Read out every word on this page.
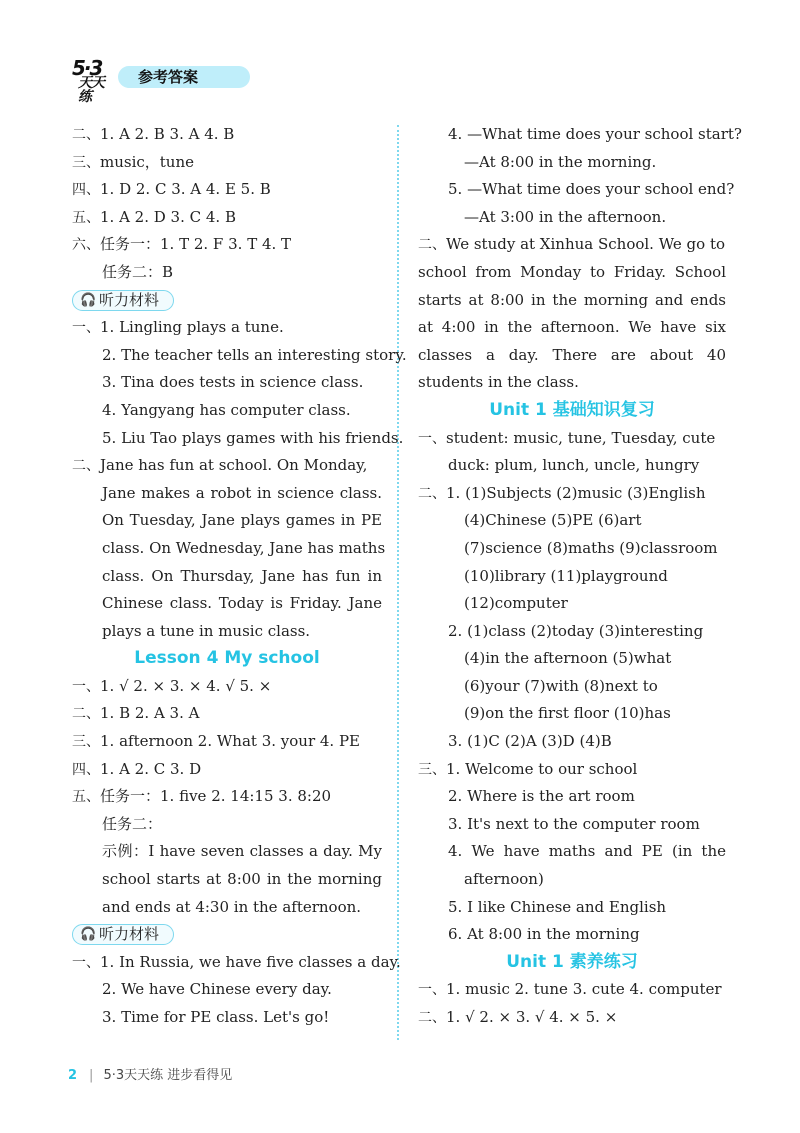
5·3
天天练
参考答案
二、1. A 2. B 3. A 4. B
三、music，tune
四、1. D 2. C 3. A 4. E 5. B
五、1. A 2. D 3. C 4. B
六、任务一：1. T 2. F 3. T 4. T
任务二：B
🎧 听力材料
一、1. Lingling plays a tune.
2. The teacher tells an interesting story.
3. Tina does tests in science class.
4. Yangyang has computer class.
5. Liu Tao plays games with his friends.
二、Jane has fun at school. On Monday,
Jane makes a robot in science class.
On Tuesday, Jane plays games in PE
class. On Wednesday, Jane has maths
class. On Thursday, Jane has fun in
Chinese class. Today is Friday. Jane
plays a tune in music class.
Lesson 4 My school
一、1. √ 2. × 3. × 4. √ 5. ×
二、1. B 2. A 3. A
三、1. afternoon 2. What 3. your 4. PE
四、1. A 2. C 3. D
五、任务一：1. five 2. 14:15 3. 8:20
任务二：
示例：I have seven classes a day. My
school starts at 8:00 in the morning
and ends at 4:30 in the afternoon.
🎧 听力材料
一、1. In Russia, we have five classes a day.
2. We have Chinese every day.
3. Time for PE class. Let's go!
4. —What time does your school start?
—At 8:00 in the morning.
5. —What time does your school end?
—At 3:00 in the afternoon.
二、We study at Xinhua School. We go to
school from Monday to Friday. School
starts at 8:00 in the morning and ends
at 4:00 in the afternoon. We have six
classes a day. There are about 40
students in the class.
Unit 1 基础知识复习
一、student: music, tune, Tuesday, cute
duck: plum, lunch, uncle, hungry
二、1. (1)Subjects (2)music (3)English
(4)Chinese (5)PE (6)art
(7)science (8)maths (9)classroom
(10)library (11)playground
(12)computer
2. (1)class (2)today (3)interesting
(4)in the afternoon (5)what
(6)your (7)with (8)next to
(9)on the first floor (10)has
3. (1)C (2)A (3)D (4)B
三、1. Welcome to our school
2. Where is the art room
3. It's next to the computer room
4. We have maths and PE (in the
afternoon)
5. I like Chinese and English
6. At 8:00 in the morning
Unit 1 素养练习
一、1. music 2. tune 3. cute 4. computer
二、1. √ 2. × 3. √ 4. × 5. ×
2 | 5·3天天练 进步看得见
